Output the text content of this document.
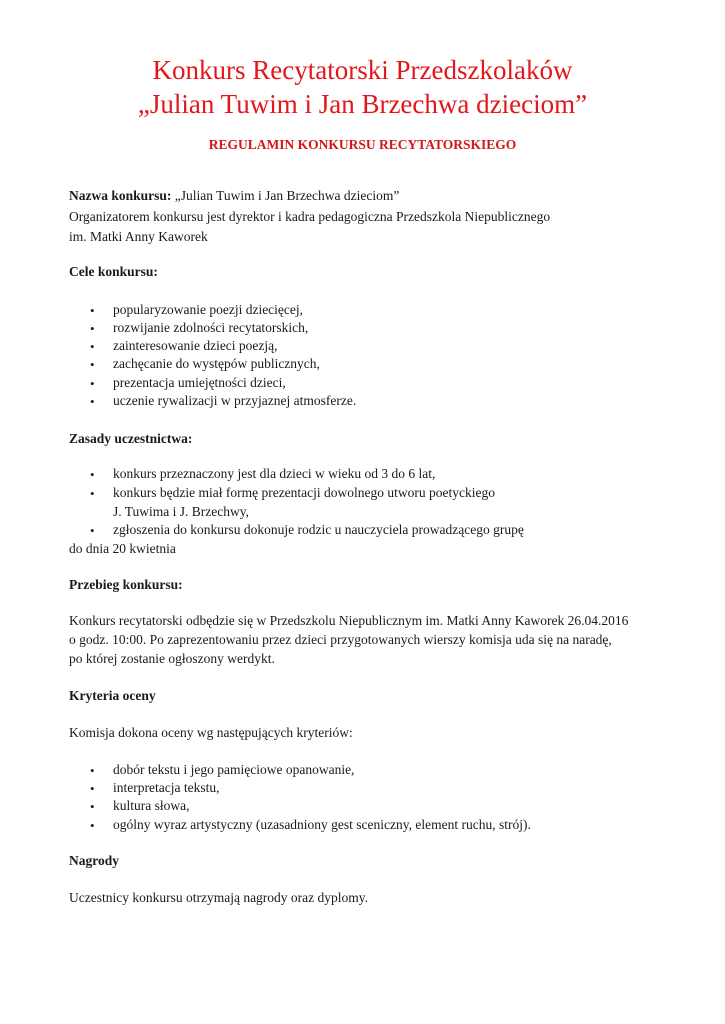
Konkurs Recytatorski Przedszkolaków
„Julian Tuwim i Jan Brzechwa dzieciom”
REGULAMIN KONKURSU RECYTATORSKIEGO
Nazwa konkursu: „Julian Tuwim i Jan Brzechwa dzieciom”
Organizatorem konkursu jest dyrektor i kadra pedagogiczna Przedszkola Niepublicznego
im. Matki Anny Kaworek
Cele konkursu:
• popularyzowanie poezji dziecięcej,
• rozwijanie zdolności recytatorskich,
• zainteresowanie dzieci poezją,
• zachęcanie do występów publicznych,
• prezentacja umiejętności dzieci,
• uczenie rywalizacji w przyjaznej atmosferze.
Zasady uczestnictwa:
• konkurs przeznaczony jest dla dzieci w wieku od 3 do 6 lat,
• konkurs będzie miał formę prezentacji dowolnego utworu poetyckiego
J. Tuwima i J. Brzechwy,
• zgłoszenia do konkursu dokonuje rodzic u nauczyciela prowadzącego grupę
do dnia 20 kwietnia
Przebieg konkursu:
Konkurs recytatorski odbędzie się w Przedszkolu Niepublicznym im. Matki Anny Kaworek 26.04.2016
o godz. 10:00. Po zaprezentowaniu przez dzieci przygotowanych wierszy komisja uda się na naradę,
po której zostanie ogłoszony werdykt.
Kryteria oceny
Komisja dokona oceny wg następujących kryteriów:
• dobór tekstu i jego pamięciowe opanowanie,
• interpretacja tekstu,
• kultura słowa,
• ogólny wyraz artystyczny (uzasadniony gest sceniczny, element ruchu, strój).
Nagrody
Uczestnicy konkursu otrzymają nagrody oraz dyplomy.
